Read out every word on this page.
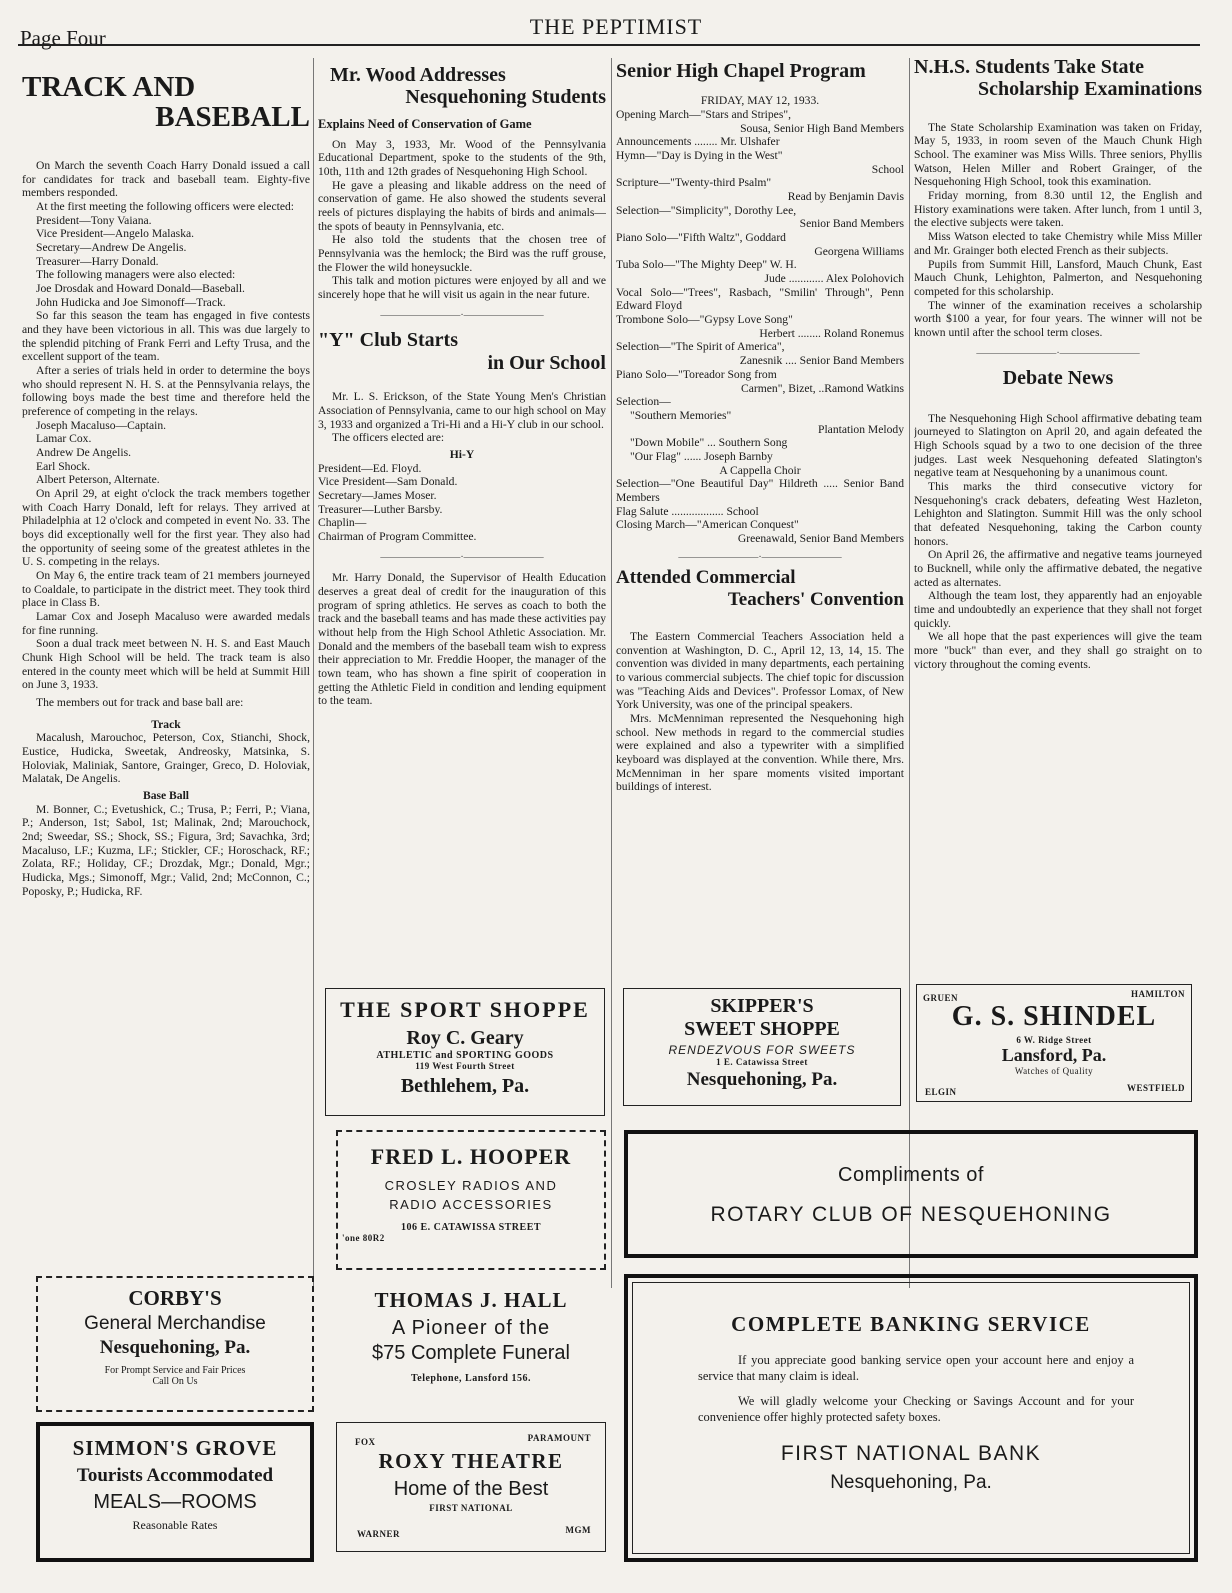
Page Four	THE PEPTIMIST
TRACK AND
BASEBALL

On March the seventh Coach Harry Donald issued a call for candidates for track and baseball team. Eighty-five members responded.

At the first meeting the following officers were elected:

President—Tony Vaiana.
Vice President—Angelo Malaska.
Secretary—Andrew De Angelis.
Treasurer—Harry Donald.

The following managers were also elected:

Joe Drosdak and Howard Donald—Baseball.

John Hudicka and Joe Simonoff—Track.

So far this season the team has engaged in five contests and they have been victorious in all. This was due largely to the splendid pitching of Frank Ferri and Lefty Trusa, and the excellent support of the team.

After a series of trials held in order to determine the boys who should represent N. H. S. at the Pennsylvania relays, the following boys made the best time and therefore held the preference of competing in the relays.

Joseph Macaluso—Captain.
Lamar Cox.
Andrew De Angelis.
Earl Shock.
Albert Peterson, Alternate.

On April 29, at eight o'clock the track members together with Coach Harry Donald, left for relays. They arrived at Philadelphia at 12 o'clock and competed in event No. 33. The boys did exceptionally well for the first year. They also had the opportunity of seeing some of the greatest athletes in the U. S. competing in the relays.

On May 6, the entire track team of 21 members journeyed to Coaldale, to participate in the district meet. They took third place in Class B.

Lamar Cox and Joseph Macaluso were awarded medals for fine running.

Soon a dual track meet between N. H. S. and East Mauch Chunk High School will be held. The track team is also entered in the county meet which will be held at Summit Hill on June 3, 1933.

The members out for track and base ball are:

Track

Macalush, Marouchoc, Peterson, Cox, Stianchi, Shock, Eustice, Hudicka, Sweetak, Andreosky, Matsinka, S. Holoviak, Maliniak, Santore, Grainger, Greco, D. Holoviak, Malatak, De Angelis.

Base Ball

M. Bonner, C.; Evetushick, C.; Trusa, P.; Ferri, P.; Viana, P.; Anderson, 1st; Sabol, 1st; Malinak, 2nd; Marouchock, 2nd; Sweedar, SS.; Shock, SS.; Figura, 3rd; Savachka, 3rd; Macaluso, LF.; Kuzma, LF.; Stickler, CF.; Horoschack, RF.; Zolata, RF.; Holiday, CF.; Drozdak, Mgr.; Donald, Mgr.; Hudicka, Mgs.; Simonoff, Mgr.; Valid, 2nd; McConnon, C.; Poposky, P.; Hudicka, RF.

Mr. Wood Addresses
Nesquehoning Students
Explains Need of Conservation of Game

On May 3, 1933, Mr. Wood of the Pennsylvania Educational Department, spoke to the students of the 9th, 10th, 11th and 12th grades of Nesquehoning High School.

He gave a pleasing and likable address on the need of conservation of game. He also showed the students several reels of pictures displaying the habits of birds and animals—the spots of beauty in Pennsylvania, etc.

He also told the students that the chosen tree of Pennsylvania was the hemlock; the Bird was the ruff grouse, the Flower the wild honeysuckle.

This talk and motion pictures were enjoyed by all and we sincerely hope that he will visit us again in the near future.

————————·————————
"Y" Club Starts
in Our School

Mr. L. S. Erickson, of the State Young Men's Christian Association of Pennsylvania, came to our high school on May 3, 1933 and organized a Tri-Hi and a Hi-Y club in our school.

The officers elected are:

Hi-Y
President—Ed. Floyd.
Vice President—Sam Donald.
Secretary—James Moser.
Treasurer—Luther Barsby.
Chaplin—
Chairman of Program Committee.
————————·————————

Mr. Harry Donald, the Supervisor of Health Education deserves a great deal of credit for the inauguration of this program of spring athletics. He serves as coach to both the track and the baseball teams and has made these activities pay without help from the High School Athletic Association. Mr. Donald and the members of the baseball team wish to express their appreciation to Mr. Freddie Hooper, the manager of the town team, who has shown a fine spirit of cooperation in getting the Athletic Field in condition and lending equipment to the team.

Senior High Chapel Program
FRIDAY, MAY 12, 1933.
Opening March—"Stars and Stripes",
Sousa, Senior High Band Members
Announcements ........ Mr. Ulshafer
Hymn—"Day is Dying in the West"
School
Scripture—"Twenty-third Psalm"
Read by Benjamin Davis
Selection—"Simplicity", Dorothy Lee,
Senior Band Members
Piano Solo—"Fifth Waltz", Goddard
Georgena Williams
Tuba Solo—"The Mighty Deep" W. H.
Jude ............ Alex Polohovich
Vocal Solo—"Trees", Rasbach, "Smilin' Through", Penn Edward Floyd
Trombone Solo—"Gypsy Love Song"
Herbert ........ Roland Ronemus
Selection—"The Spirit of America",
Zanesnik .... Senior Band Members
Piano Solo—"Toreador Song from
Carmen", Bizet, ..Ramond Watkins
Selection—
"Southern Memories"
Plantation Melody
"Down Mobile" ... Southern Song
"Our Flag" ...... Joseph Barnby
A Cappella Choir
Selection—"One Beautiful Day" Hildreth ..... Senior Band Members
Flag Salute .................. School
Closing March—"American Conquest"
Greenawald, Senior Band Members
————————·————————
Attended Commercial
Teachers' Convention

The Eastern Commercial Teachers Association held a convention at Washington, D. C., April 12, 13, 14, 15. The convention was divided in many departments, each pertaining to various commercial subjects. The chief topic for discussion was "Teaching Aids and Devices". Professor Lomax, of New York University, was one of the principal speakers.

Mrs. McMenniman represented the Nesquehoning high school. New methods in regard to the commercial studies were explained and also a typewriter with a simplified keyboard was displayed at the convention. While there, Mrs. McMenniman in her spare moments visited important buildings of interest.

N.H.S. Students Take State
Scholarship Examinations

The State Scholarship Examination was taken on Friday, May 5, 1933, in room seven of the Mauch Chunk High School. The examiner was Miss Wills. Three seniors, Phyllis Watson, Helen Miller and Robert Grainger, of the Nesquehoning High School, took this examination.

Friday morning, from 8.30 until 12, the English and History examinations were taken. After lunch, from 1 until 3, the elective subjects were taken.

Miss Watson elected to take Chemistry while Miss Miller and Mr. Grainger both elected French as their subjects.

Pupils from Summit Hill, Lansford, Mauch Chunk, East Mauch Chunk, Lehighton, Palmerton, and Nesquehoning competed for this scholarship.

The winner of the examination receives a scholarship worth $100 a year, for four years. The winner will not be known until after the school term closes.

————————·————————
Debate News

The Nesquehoning High School affirmative debating team journeyed to Slatington on April 20, and again defeated the High Schools squad by a two to one decision of the three judges. Last week Nesquehoning defeated Slatington's negative team at Nesquehoning by a unanimous count.

This marks the third consecutive victory for Nesquehoning's crack debaters, defeating West Hazleton, Lehighton and Slatington. Summit Hill was the only school that defeated Nesquehoning, taking the Carbon county honors.

On April 26, the affirmative and negative teams journeyed to Bucknell, while only the affirmative debated, the negative acted as alternates.

Although the team lost, they apparently had an enjoyable time and undoubtedly an experience that they shall not forget quickly.

We all hope that the past experiences will give the team more "buck" than ever, and they shall go straight on to victory throughout the coming events.

THE SPORT SHOPPE
Roy C. Geary
ATHLETIC and SPORTING GOODS
119 West Fourth Street
Bethlehem, Pa.
SKIPPER'S
SWEET SHOPPE
RENDEZVOUS FOR SWEETS
1 E. Catawissa Street
Nesquehoning, Pa.
GRUEN	HAMILTON
G. S. SHINDEL
6 W. Ridge Street
Lansford, Pa.
Watches of Quality
ELGIN	WESTFIELD
FRED L. HOOPER
CROSLEY RADIOS AND
RADIO ACCESSORIES
106 E. CATAWISSA STREET
'one 80R2
Compliments of
ROTARY CLUB OF NESQUEHONING
CORBY'S
General Merchandise
Nesquehoning, Pa.
For Prompt Service and Fair Prices
Call On Us
THOMAS J. HALL
A Pioneer of the
$75 Complete Funeral
Telephone, Lansford 156.
COMPLETE BANKING SERVICE
If you appreciate good banking service open your account here and enjoy a service that many claim is ideal.
We will gladly welcome your Checking or Savings Account and for your convenience offer highly protected safety boxes.
FIRST NATIONAL BANK
Nesquehoning, Pa.
SIMMON'S GROVE
Tourists Accommodated
MEALS—ROOMS
Reasonable Rates
FOX	PARAMOUNT
ROXY THEATRE
Home of the Best
FIRST NATIONAL
WARNER	MGM
